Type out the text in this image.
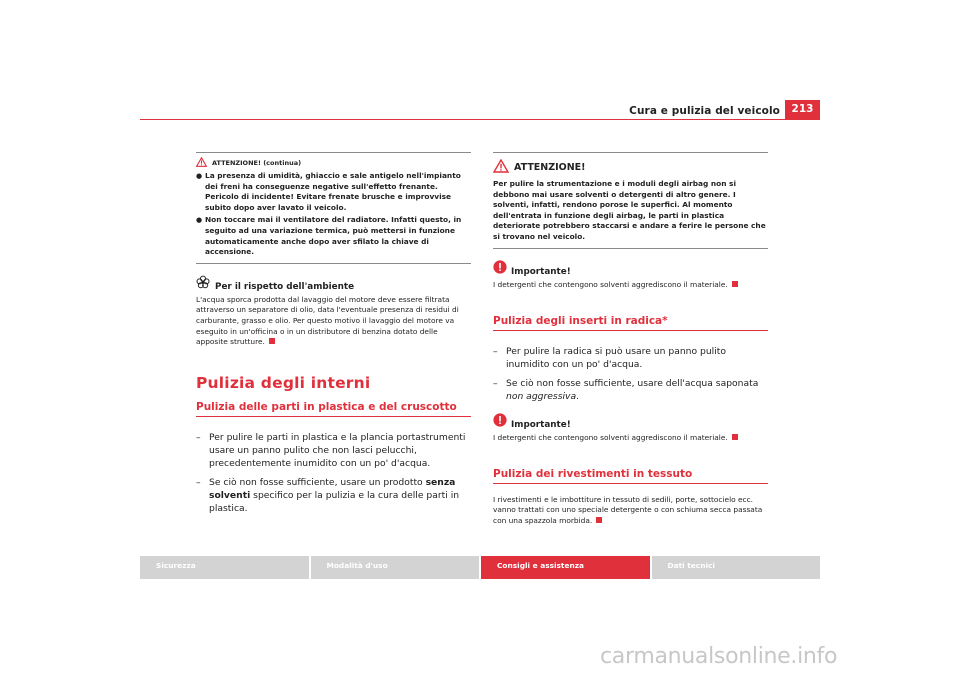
Cura e pulizia del veicolo	213
ATTENZIONE! (continua)
● La presenza di umidità, ghiaccio e sale antigelo nell'impianto dei freni ha conseguenze negative sull'effetto frenante. Pericolo di incidente! Evitare frenate brusche e improvvise subito dopo aver lavato il veicolo.
● Non toccare mai il ventilatore del radiatore. Infatti questo, in seguito ad una variazione termica, può mettersi in funzione automaticamente anche dopo aver sfilato la chiave di accensione.
Per il rispetto dell'ambiente

L'acqua sporca prodotta dal lavaggio del motore deve essere filtrata attraverso un separatore di olio, data l'eventuale presenza di residui di carburante, grasso e olio. Per questo motivo il lavaggio del motore va eseguito in un'officina o in un distributore di benzina dotato delle apposite strutture.

Pulizia degli interni
Pulizia delle parti in plastica e del cruscotto
– Per pulire le parti in plastica e la plancia portastrumenti usare un panno pulito che non lasci pelucchi, precedentemente inumidito con un po' d'acqua.
– Se ciò non fosse sufficiente, usare un prodotto senza solventi specifico per la pulizia e la cura delle parti in plastica.
ATTENZIONE!

Per pulire la strumentazione e i moduli degli airbag non si debbono mai usare solventi o detergenti di altro genere. I solventi, infatti, rendono porose le superfici. Al momento dell'entrata in funzione degli airbag, le parti in plastica deteriorate potrebbero staccarsi e andare a ferire le persone che si trovano nel veicolo.

Importante!

I detergenti che contengono solventi aggrediscono il materiale.

Pulizia degli inserti in radica*
– Per pulire la radica si può usare un panno pulito inumidito con un po' d'acqua.
– Se ciò non fosse sufficiente, usare dell'acqua saponata non aggressiva.
Importante!

I detergenti che contengono solventi aggrediscono il materiale.

Pulizia dei rivestimenti in tessuto

I rivestimenti e le imbottiture in tessuto di sedili, porte, sottocielo ecc. vanno trattati con uno speciale detergente o con schiuma secca passata con una spazzola morbida.

Sicurezza	Modalità d'uso	Consigli e assistenza	Dati tecnici
carmanualsonline.info
